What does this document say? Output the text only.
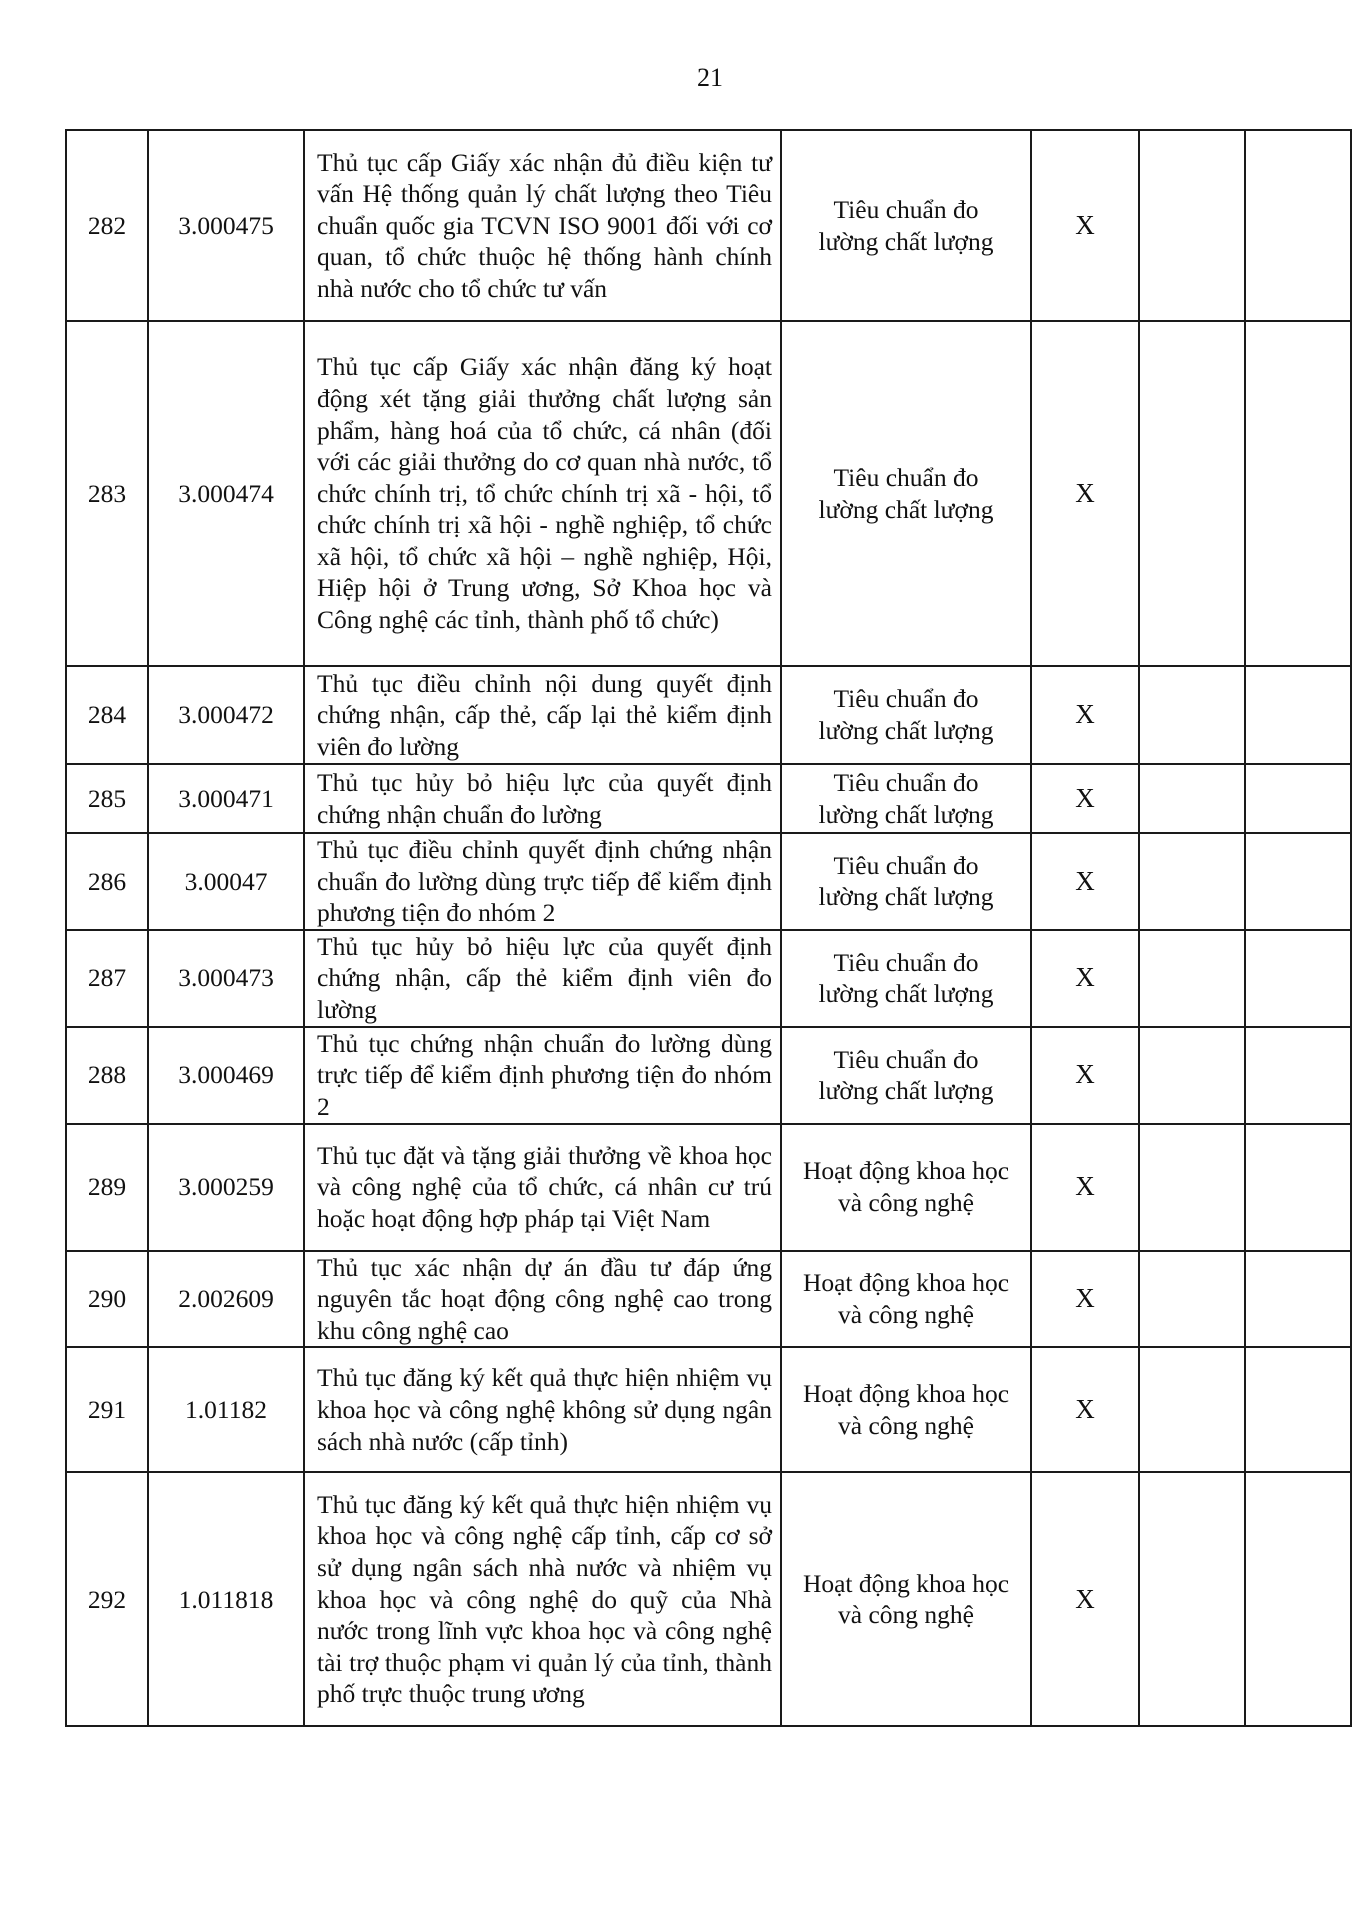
21
282	3.000475	Thủ tục cấp Giấy xác nhận đủ điều kiện tư vấn Hệ thống quản lý chất lượng theo Tiêu chuẩn quốc gia TCVN ISO 9001 đối với cơ quan, tổ chức thuộc hệ thống hành chính nhà nước cho tổ chức tư vấn	Tiêu chuẩn đolường chất lượng	X		
283	3.000474	Thủ tục cấp Giấy xác nhận đăng ký hoạt động xét tặng giải thưởng chất lượng sản phẩm, hàng hoá của tổ chức, cá nhân (đối với các giải thưởng do cơ quan nhà nước, tổ chức chính trị, tổ chức chính trị xã - hội, tổ chức chính trị xã hội - nghề nghiệp, tổ chức xã hội, tổ chức xã hội – nghề nghiệp, Hội, Hiệp hội ở Trung ương, Sở Khoa học và Công nghệ các tỉnh, thành phố tổ chức)	Tiêu chuẩn đolường chất lượng	X		
284	3.000472	Thủ tục điều chỉnh nội dung quyết định chứng nhận, cấp thẻ, cấp lại thẻ kiểm định viên đo lường	Tiêu chuẩn đolường chất lượng	X		
285	3.000471	Thủ tục hủy bỏ hiệu lực của quyết định chứng nhận chuẩn đo lường	Tiêu chuẩn đolường chất lượng	X		
286	3.00047	Thủ tục điều chỉnh quyết định chứng nhận chuẩn đo lường dùng trực tiếp để kiểm định phương tiện đo nhóm 2	Tiêu chuẩn đolường chất lượng	X		
287	3.000473	Thủ tục hủy bỏ hiệu lực của quyết định chứng nhận, cấp thẻ kiểm định viên đo lường	Tiêu chuẩn đolường chất lượng	X		
288	3.000469	Thủ tục chứng nhận chuẩn đo lường dùng trực tiếp để kiểm định phương tiện đo nhóm 2	Tiêu chuẩn đolường chất lượng	X		
289	3.000259	Thủ tục đặt và tặng giải thưởng về khoa học và công nghệ của tổ chức, cá nhân cư trú hoặc hoạt động hợp pháp tại Việt Nam	Hoạt động khoa họcvà công nghệ	X		
290	2.002609	Thủ tục xác nhận dự án đầu tư đáp ứng nguyên tắc hoạt động công nghệ cao trong khu công nghệ cao	Hoạt động khoa họcvà công nghệ	X		
291	1.01182	Thủ tục đăng ký kết quả thực hiện nhiệm vụ khoa học và công nghệ không sử dụng ngân sách nhà nước (cấp tỉnh)	Hoạt động khoa họcvà công nghệ	X		
292	1.011818	Thủ tục đăng ký kết quả thực hiện nhiệm vụ khoa học và công nghệ cấp tỉnh, cấp cơ sở sử dụng ngân sách nhà nước và nhiệm vụ khoa học và công nghệ do quỹ của Nhà nước trong lĩnh vực khoa học và công nghệ tài trợ thuộc phạm vi quản lý của tỉnh, thành phố trực thuộc trung ương	Hoạt động khoa họcvà công nghệ	X		
